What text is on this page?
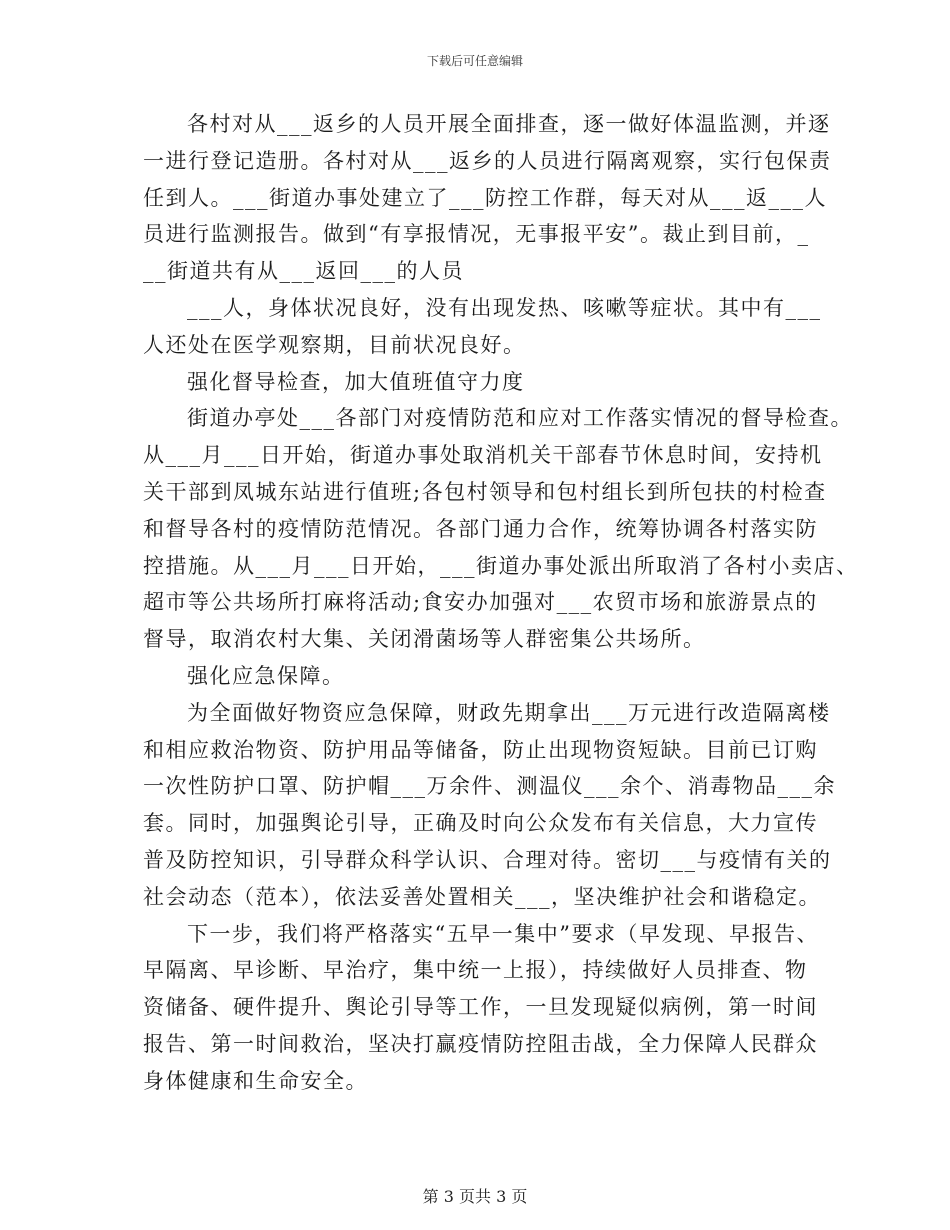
下载后可任意编辑
各村对从___返乡的人员开展全面排查，逐一做好体温监测，并逐
一进行登记造册。各村对从___返乡的人员进行隔离观察，实行包保责
任到人。___街道办事处建立了___防控工作群，每天对从___返___人
员进行监测报告。做到“有享报情况，无事报平安”。裁止到目前，_
__街道共有从___返回___的人员
___人，身体状况良好，没有出现发热、咳嗽等症状。其中有___
人还处在医学观察期，目前状况良好。
强化督导检查，加大值班值守力度
街道办亭处___各部门对疫情防范和应对工作落实情况的督导检查。
从___月___日开始，街道办事处取消机关干部春节休息时间，安持机
关干部到凤城东站进行值班;各包村领导和包村组长到所包扶的村检查
和督导各村的疫情防范情况。各部门通力合作，统筹协调各村落实防
控措施。从___月___日开始，___街道办事处派出所取消了各村小卖店、
超市等公共场所打麻将活动;食安办加强对___农贸市场和旅游景点的
督导，取消农村大集、关闭滑菌场等人群密集公共场所。
强化应急保障。
为全面做好物资应急保障，财政先期拿出___万元进行改造隔离楼
和相应救治物资、防护用品等储备，防止出现物资短缺。目前已订购
一次性防护口罩、防护帽___万余件、测温仪___余个、消毒物品___余
套。同时，加强舆论引导，正确及时向公众发布有关信息，大力宣传
普及防控知识，引导群众科学认识、合理对待。密切___与疫情有关的
社会动态（范本），依法妥善处置相关___，坚决维护社会和谐稳定。
下一步，我们将严格落实“五早一集中”要求（早发现、早报告、
早隔离、早诊断、早治疗，集中统一上报），持续做好人员排查、物
资储备、硬件提升、舆论引导等工作，一旦发现疑似病例，第一时间
报告、第一时间救治，坚决打赢疫情防控阻击战，全力保障人民群众
身体健康和生命安全。
第 3 页共 3 页
